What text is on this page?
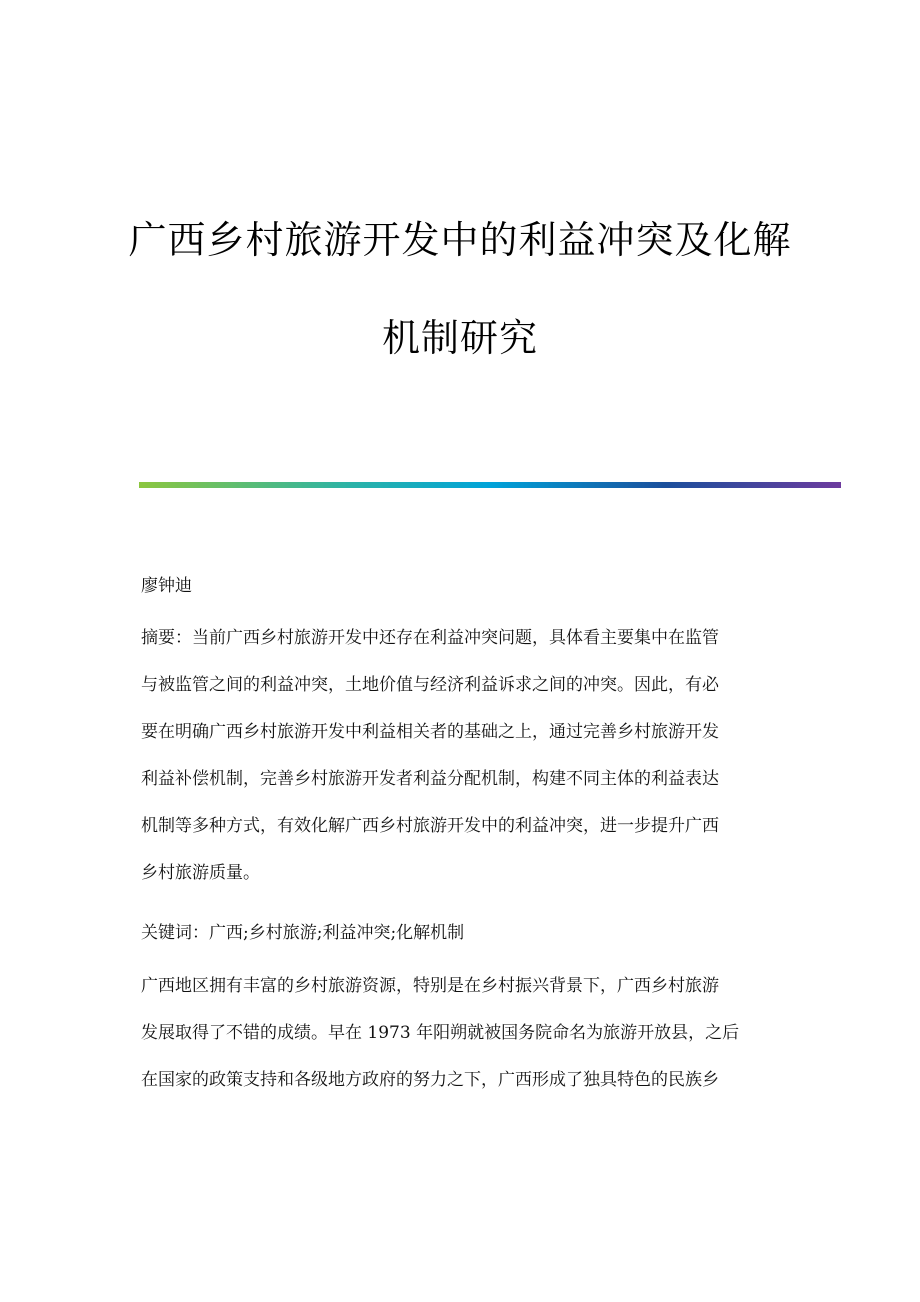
广西乡村旅游开发中的利益冲突及化解
机制研究
廖钟迪
摘要：当前广西乡村旅游开发中还存在利益冲突问题，具体看主要集中在监管
与被监管之间的利益冲突，土地价值与经济利益诉求之间的冲突。因此，有必
要在明确广西乡村旅游开发中利益相关者的基础之上，通过完善乡村旅游开发
利益补偿机制，完善乡村旅游开发者利益分配机制，构建不同主体的利益表达
机制等多种方式，有效化解广西乡村旅游开发中的利益冲突，进一步提升广西
乡村旅游质量。
关键词：广西;乡村旅游;利益冲突;化解机制
广西地区拥有丰富的乡村旅游资源，特别是在乡村振兴背景下，广西乡村旅游
发展取得了不错的成绩。早在 1973 年阳朔就被国务院命名为旅游开放县，之后
在国家的政策支持和各级地方政府的努力之下，广西形成了独具特色的民族乡
